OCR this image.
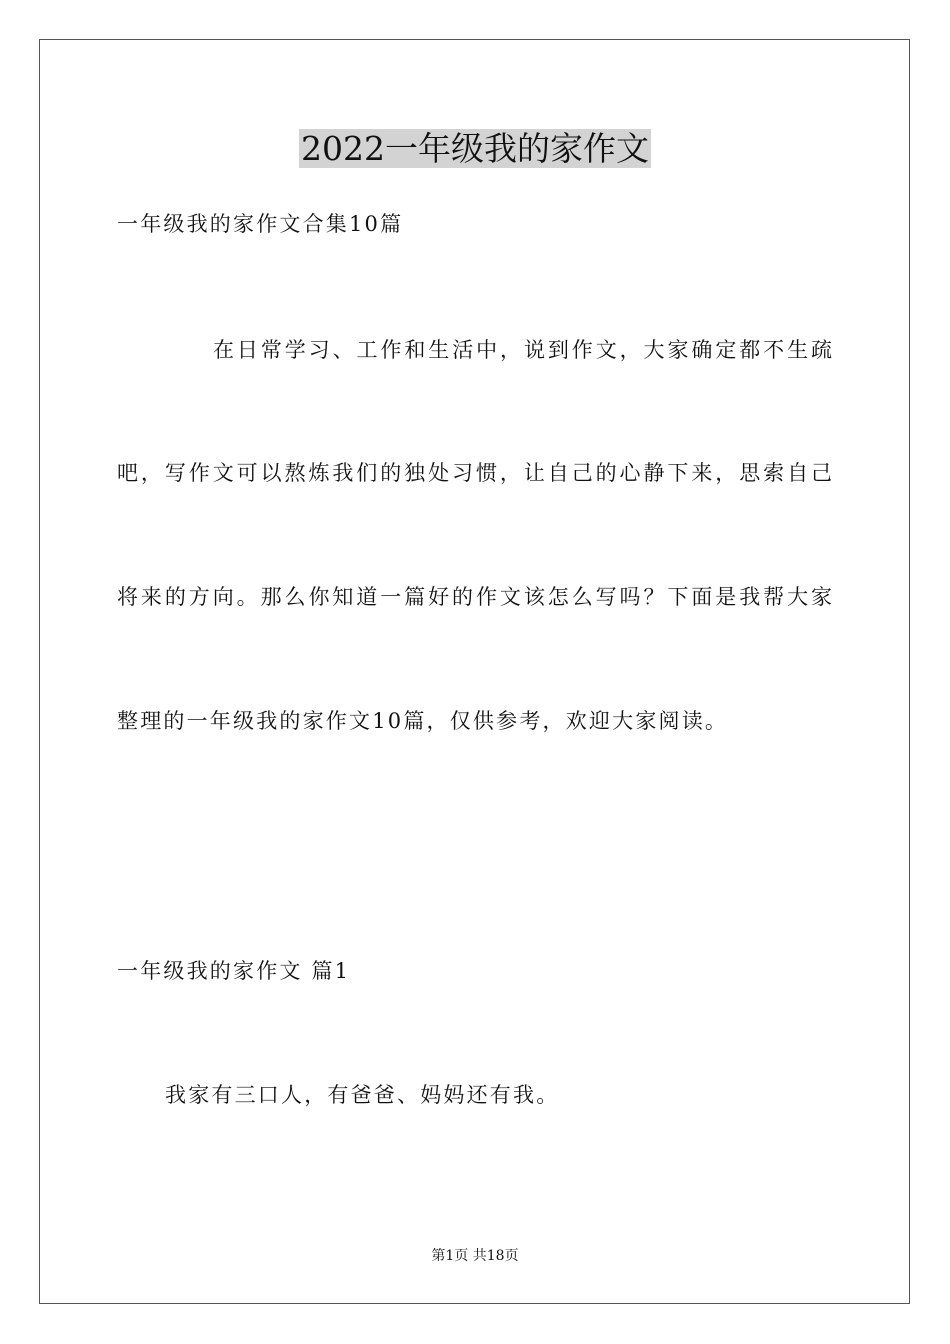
2022一年级我的家作文
一年级我的家作文合集10篇
在日常学习、工作和生活中，说到作文，大家确定都不生疏
吧，写作文可以熬炼我们的独处习惯，让自己的心静下来，思索自己
将来的方向。那么你知道一篇好的作文该怎么写吗？下面是我帮大家
整理的一年级我的家作文10篇，仅供参考，欢迎大家阅读。
一年级我的家作文 篇1
我家有三口人，有爸爸、妈妈还有我。
第1页 共18页
